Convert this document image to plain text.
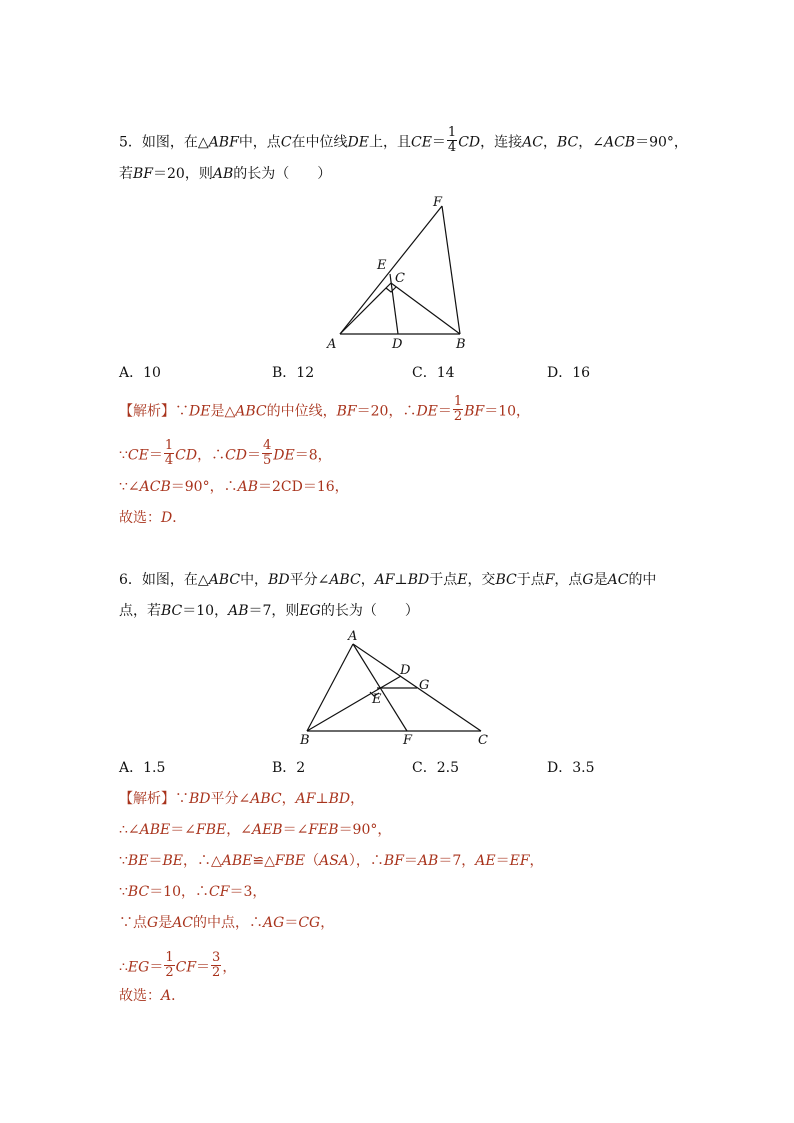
5．如图，在△ABF中，点C在中位线DE上，且$CE= \frac{1}{4}$ CD，连接AC，BC，∠ACB＝90°，
若BF＝20，则AB的长为（　　）
F
E
C
A	D	B
A．10	B．12	C．14	D．16
【解析】∵DE是△ABC的中位线，BF＝20，∴DE＝ $\frac{1}{2} BF=10$，
∵CE＝ $\frac{1}{4}$ CD，∴CD＝ $\frac{4}{5} DE=8$，
∵∠ACB＝90°，∴AB＝2CD＝16，
故选：D．
6．如图，在△ABC中，BD平分∠ABC，AF⊥BD于点E，交BC于点F，点G是AC的中
点，若BC＝10，AB＝7，则EG的长为（　　）
A
D
G
E
B	F	C
A．1.5	B．2	C．2.5	D．3.5
【解析】∵BD平分∠ABC，AF⊥BD，
∴∠ABE＝∠FBE，∠AEB＝∠FEB＝90°，
∵BE＝BE，∴△ABE≌△FBE（ASA），∴BF＝AB＝7，AE＝EF，
∵BC＝10，∴CF＝3，
∵点G是AC的中点，∴AG＝CG，
∴EG＝ $\frac{1}{2} CF= \frac{3}{2}$ ，
故选：A．
